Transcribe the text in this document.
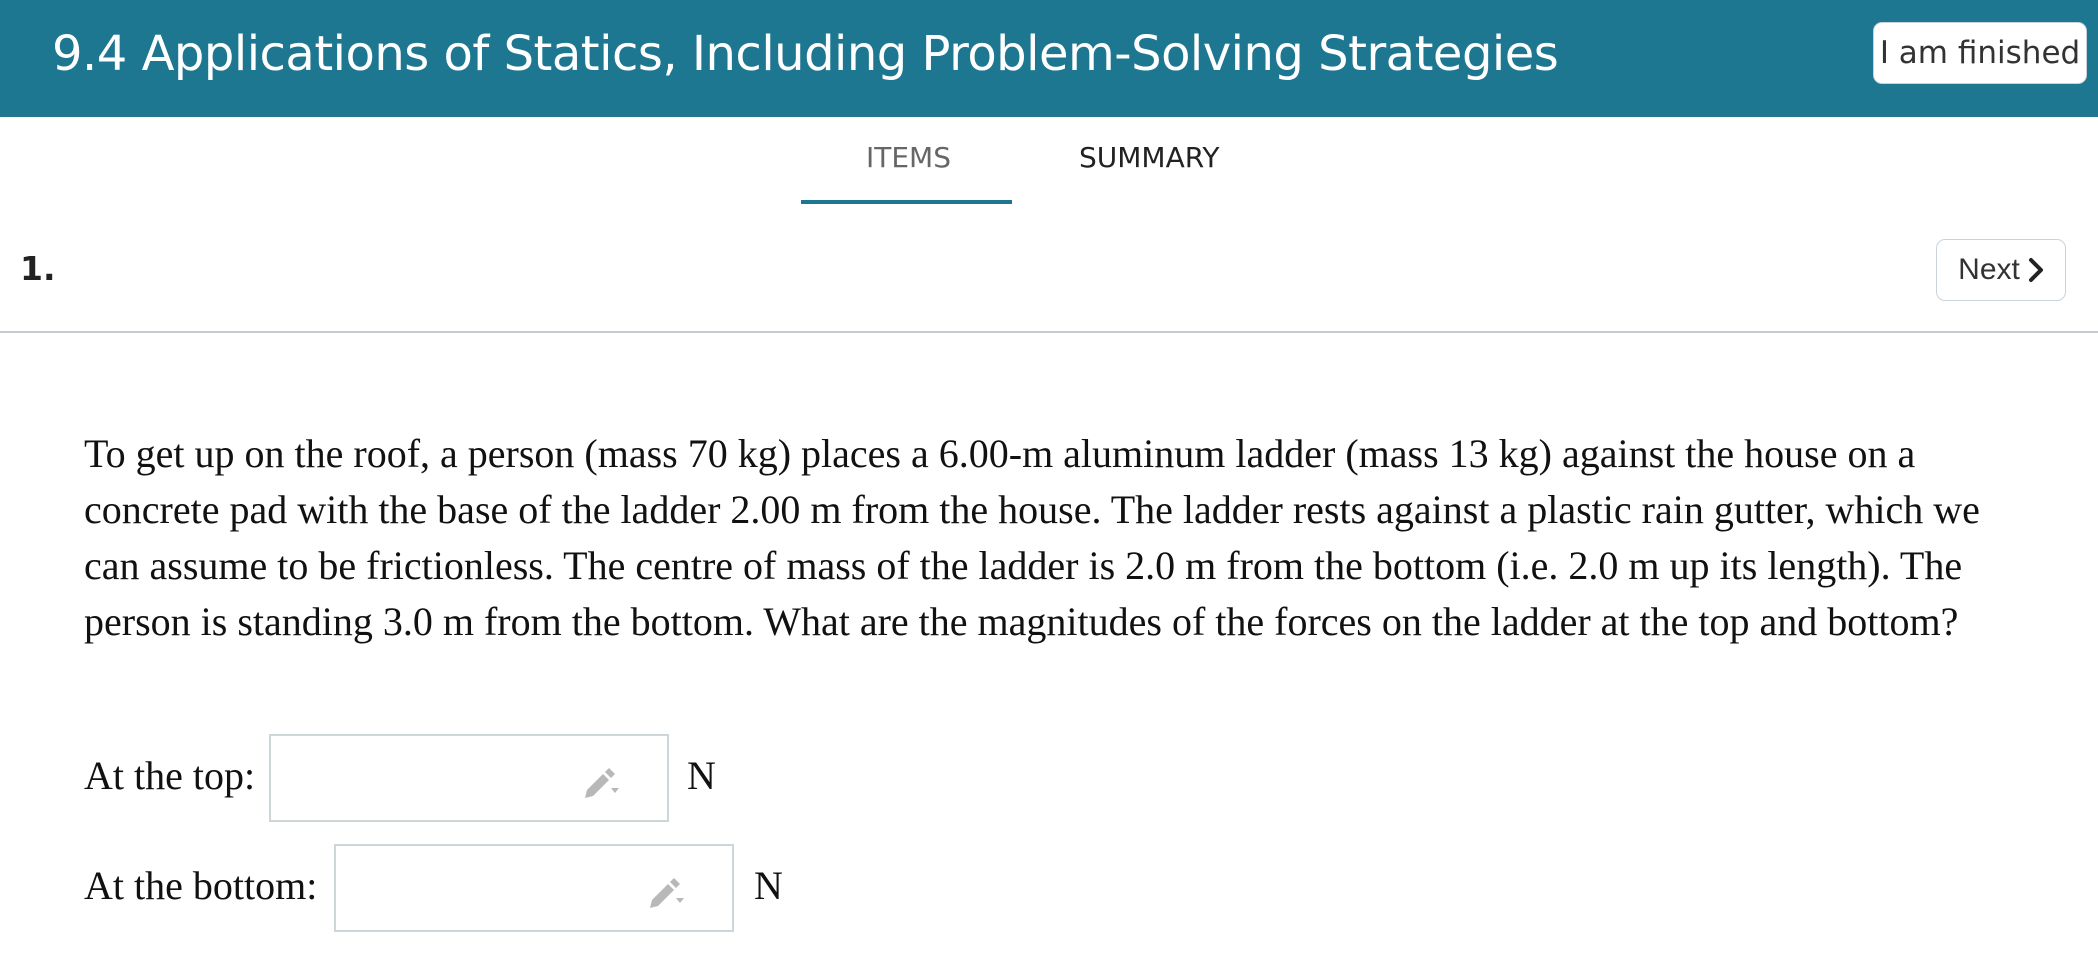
9.4 Applications of Statics, Including Problem-Solving Strategies	I am finished
ITEMS	SUMMARY
1.	Next
To get up on the roof, a person (mass 70 kg) places a 6.00-m aluminum ladder (mass 13 kg) against the house on a concrete pad with the base of the ladder 2.00 m from the house. The ladder rests against a plastic rain gutter, which we can assume to be frictionless. The centre of mass of the ladder is 2.0 m from the bottom (i.e. 2.0 m up its length). The person is standing 3.0 m from the bottom. What are the magnitudes of the forces on the ladder at the top and bottom?
At the top:	N
At the bottom:	N
